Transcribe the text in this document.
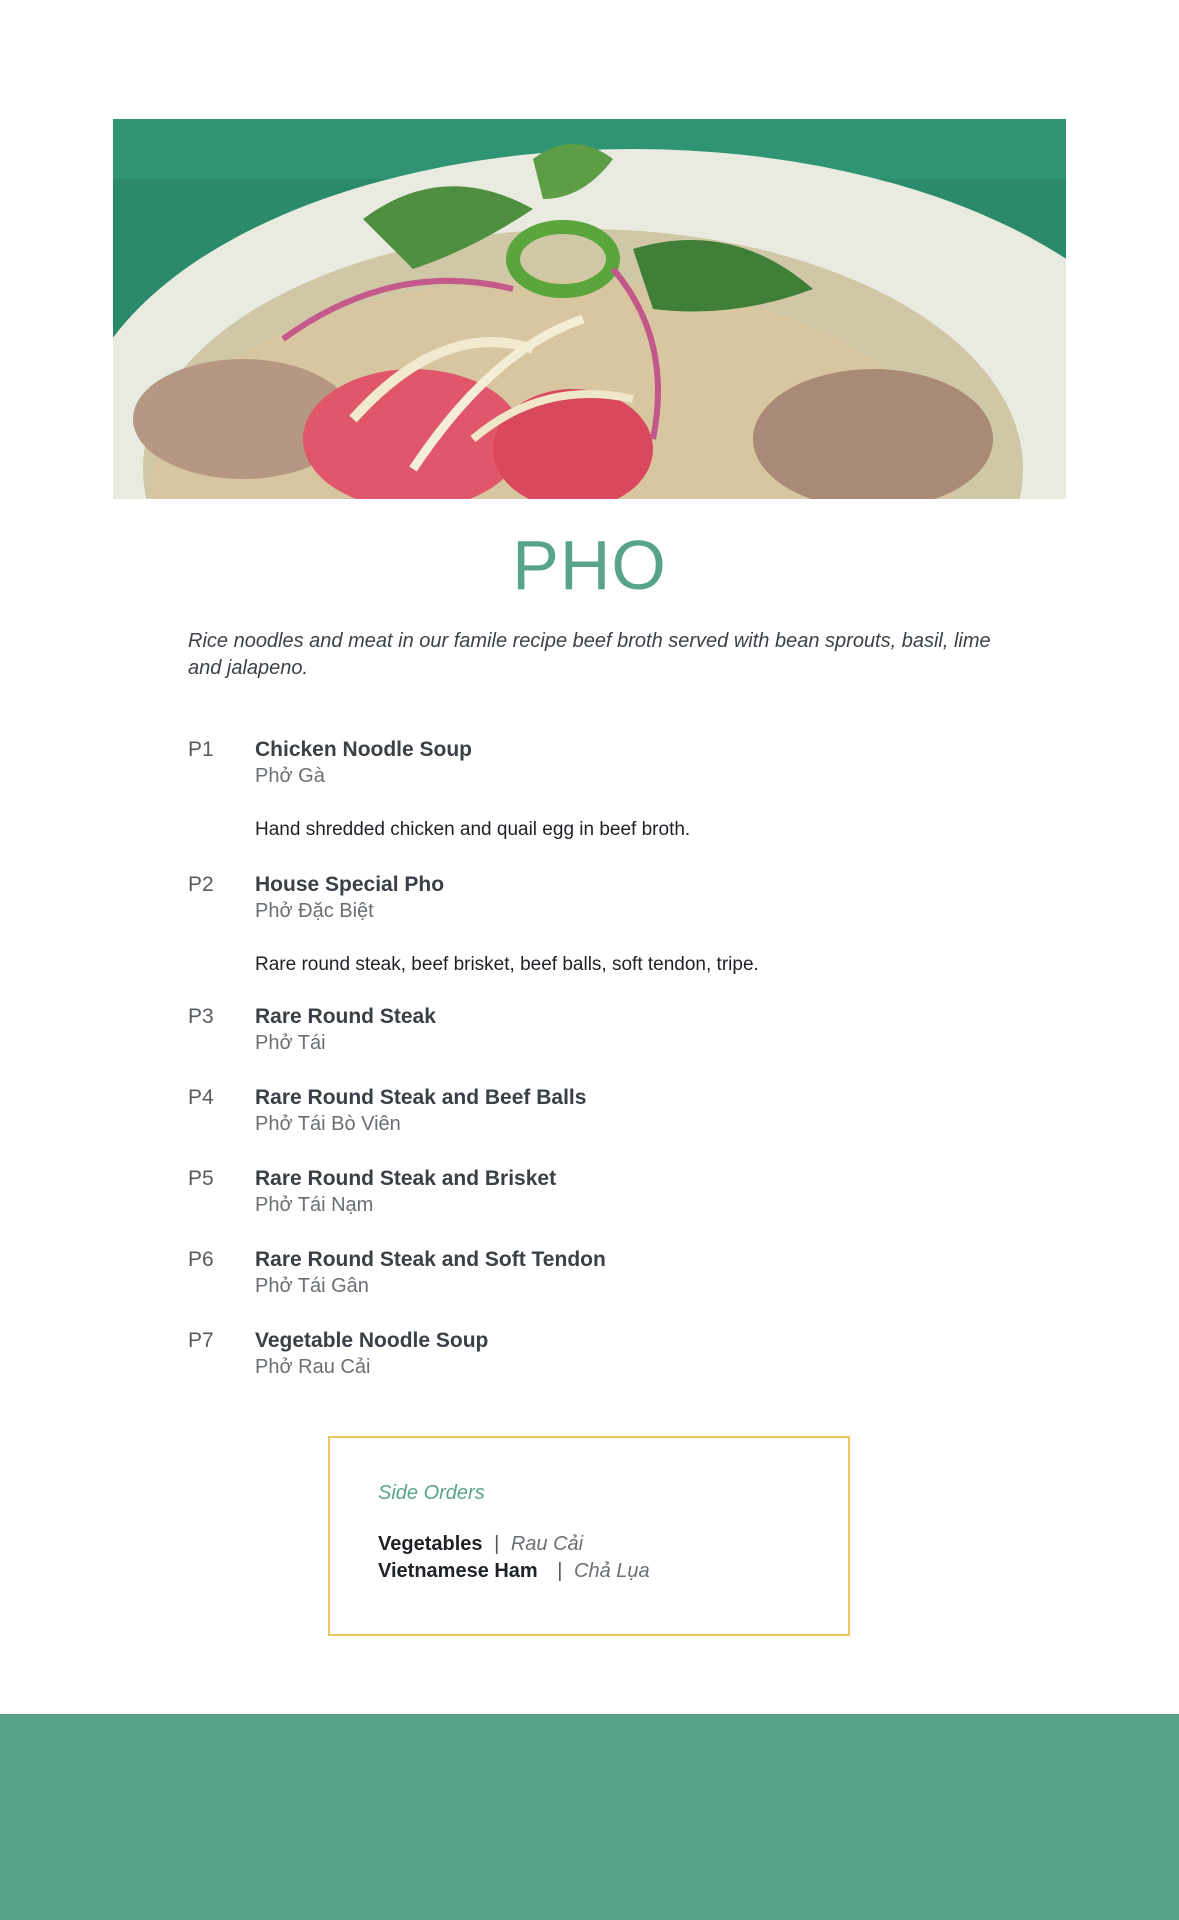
PHO
Rice noodles and meat in our famile recipe beef broth served with bean sprouts, basil, lime and jalapeno.
P1 Chicken Noodle Soup
Phở Gà
Hand shredded chicken and quail egg in beef broth.
P2 House Special Pho
Phở Đặc Biệt
Rare round steak, beef brisket, beef balls, soft tendon, tripe.
P3 Rare Round Steak
Phở Tái
P4 Rare Round Steak and Beef Balls
Phở Tái Bò Viên
P5 Rare Round Steak and Brisket
Phở Tái Nạm
P6 Rare Round Steak and Soft Tendon
Phở Tái Gân
P7 Vegetable Noodle Soup
Phở Rau Cải
Side Orders
Vegetables | Rau Cải
Vietnamese Ham | Chả Lụa
